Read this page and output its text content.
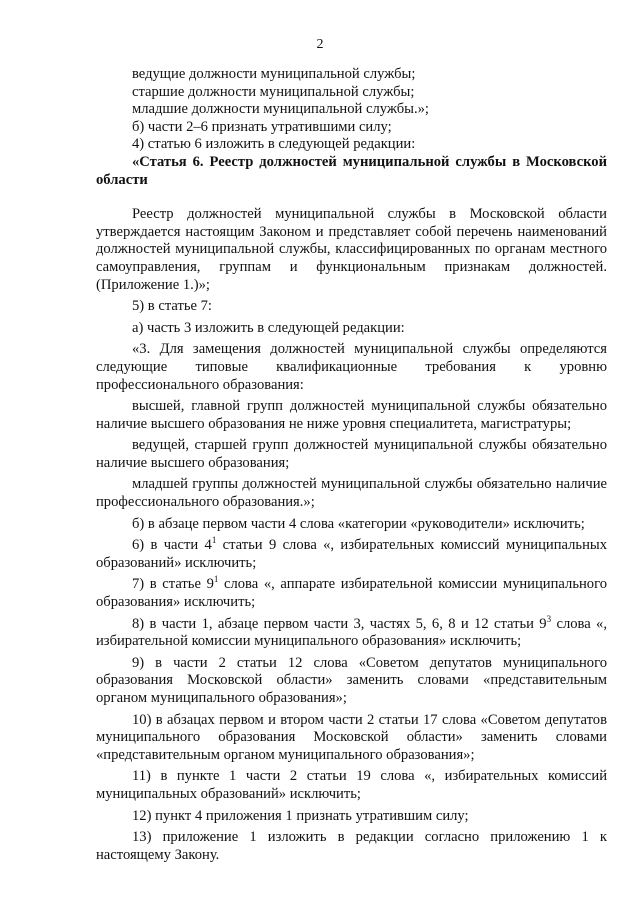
2

ведущие должности муниципальной службы;

старшие должности муниципальной службы;

младшие должности муниципальной службы.»;

б) части 2–6 признать утратившими силу;

4) статью 6 изложить в следующей редакции:

«Статья 6. Реестр должностей муниципальной службы в Московской области

Реестр должностей муниципальной службы в Московской области утверждается настоящим Законом и представляет собой перечень наименований должностей муниципальной службы, классифицированных по органам местного самоуправления, группам и функциональным признакам должностей. (Приложение 1.)»;

5) в статье 7:

а) часть 3 изложить в следующей редакции:

«3. Для замещения должностей муниципальной службы определяются следующие типовые квалификационные требования к уровню профессионального образования:

высшей, главной групп должностей муниципальной службы обязательно наличие высшего образования не ниже уровня специалитета, магистратуры;

ведущей, старшей групп должностей муниципальной службы обязательно наличие высшего образования;

младшей группы должностей муниципальной службы обязательно наличие профессионального образования.»;

б) в абзаце первом части 4 слова «категории «руководители» исключить;

6) в части $4^1$ статьи 9 слова «, избирательных комиссий муниципальных образований» исключить;

7) в статье $9^1$ слова «, аппарате избирательной комиссии муниципального образования» исключить;

8) в части 1, абзаце первом части 3, частях 5, 6, 8 и 12 статьи $9^3$ слова «, избирательной комиссии муниципального образования» исключить;

9) в части 2 статьи 12 слова «Советом депутатов муниципального образования Московской области» заменить словами «представительным органом муниципального образования»;

10) в абзацах первом и втором части 2 статьи 17 слова «Советом депутатов муниципального образования Московской области» заменить словами «представительным органом муниципального образования»;

11) в пункте 1 части 2 статьи 19 слова «, избирательных комиссий муниципальных образований» исключить;

12) пункт 4 приложения 1 признать утратившим силу;

13) приложение 1 изложить в редакции согласно приложению 1 к настоящему Закону.
